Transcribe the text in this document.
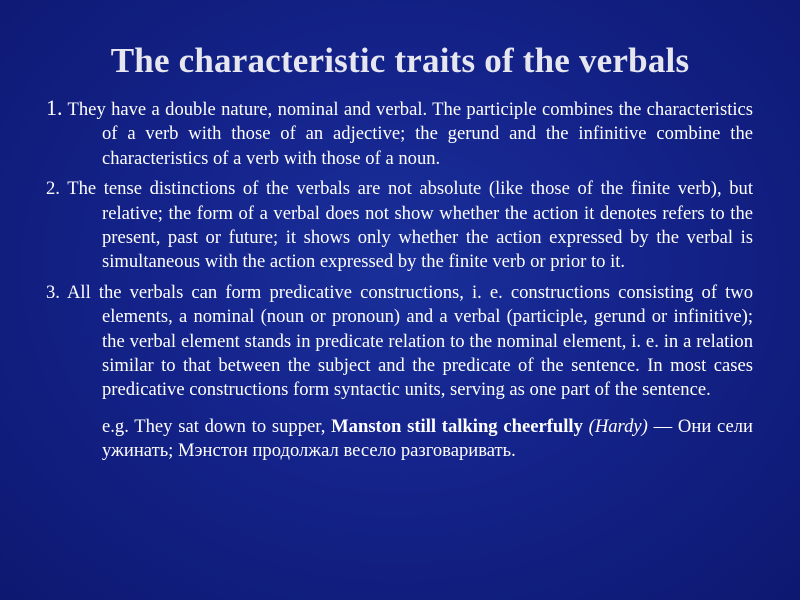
The characteristic traits of the verbals

1. They have a double nature, nominal and verbal. The participle combines the characteristics of a verb with those of an adjective; the gerund and the infinitive combine the characteristics of a verb with those of a noun.

2. The tense distinctions of the verbals are not absolute (like those of the finite verb), but relative; the form of a verbal does not show whether the action it denotes refers to the present, past or future; it shows only whether the action expressed by the verbal is simultaneous with the action expressed by the finite verb or prior to it.

3. All the verbals can form predicative constructions, i. e. constructions consisting of two elements, a nominal (noun or pronoun) and a verbal (participle, gerund or infinitive); the verbal element stands in predicate relation to the nominal element, i. e. in a relation similar to that between the subject and the predicate of the sentence. In most cases predicative constructions form syntactic units, serving as one part of the sentence.

e.g. They sat down to supper, Manston still talking cheerfully (Hardy) — Они сели ужинать; Мэнстон продолжал весело разговаривать.
